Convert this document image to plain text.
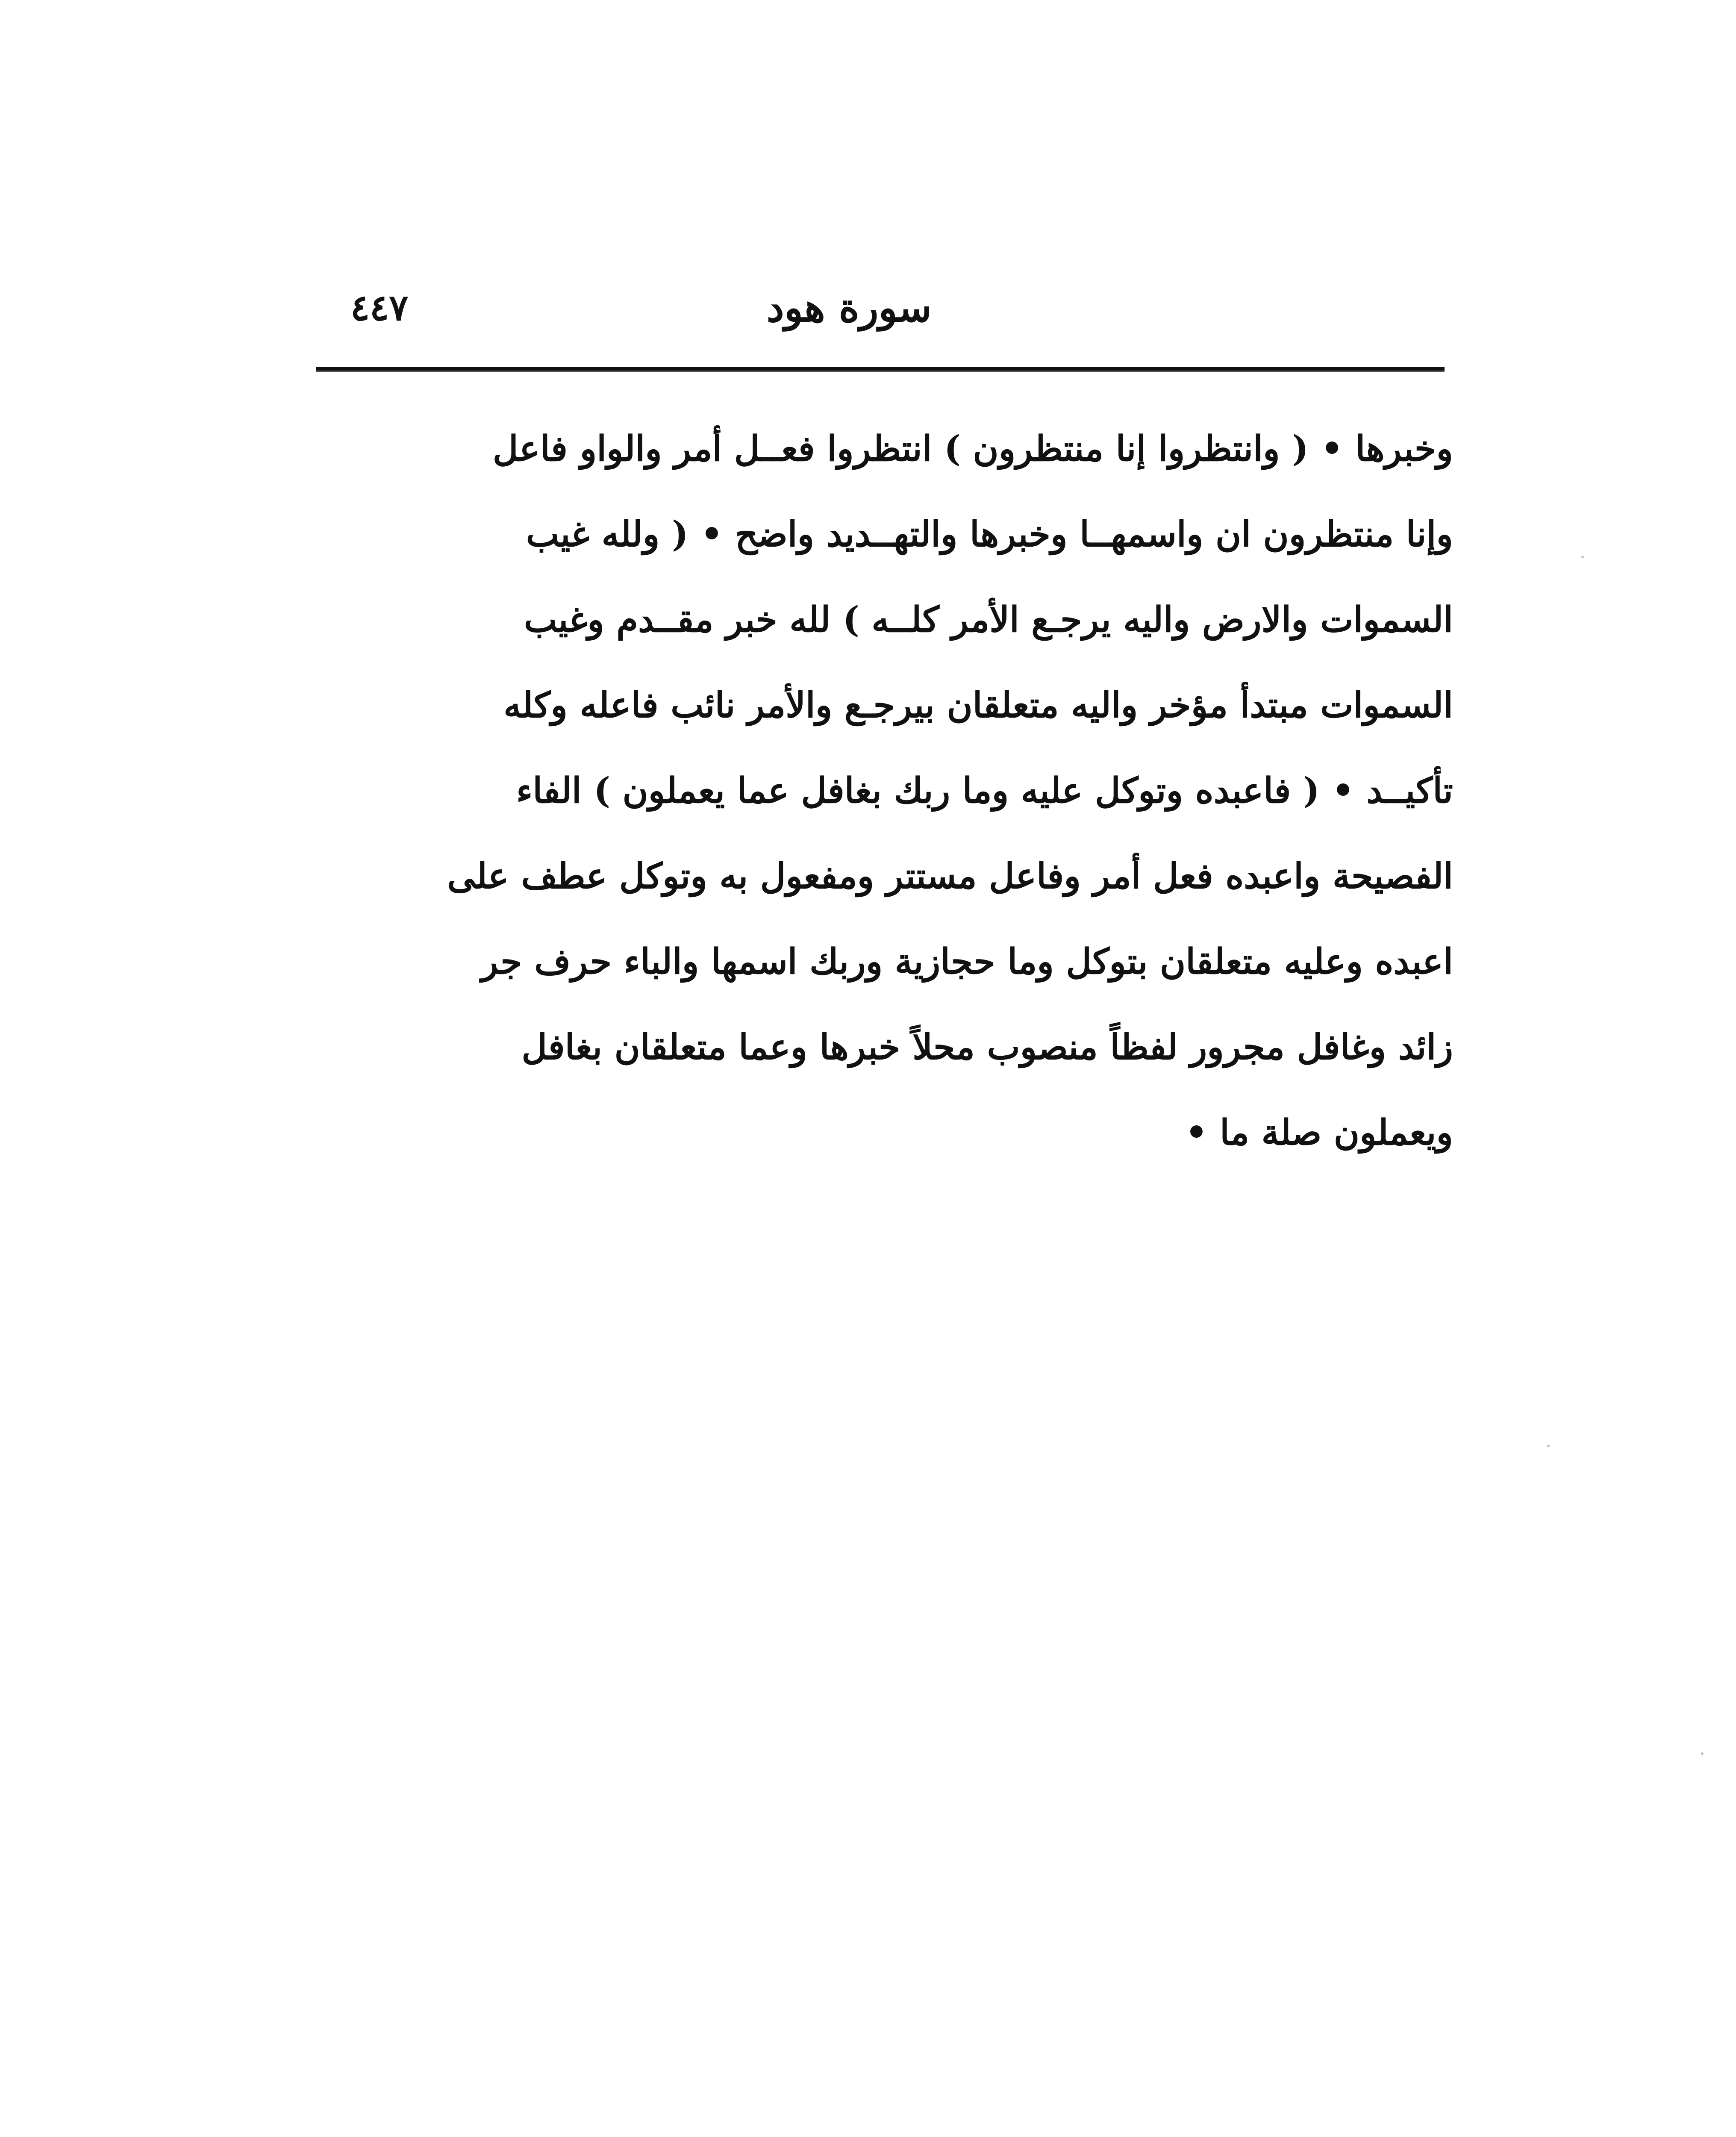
سورة هود
٤٤٧
وخبرها • ( وانتظروا إنا منتظرون ) انتظروا فعــل أمر والواو فاعل
وإنا منتظرون ان واسمهــا وخبرها والتهــديد واضح • ( ولله غيب
السموات والارض واليه يرجـع الأمر كلــه ) لله خبر مقــدم وغيب
السموات مبتدأ مؤخر واليه متعلقان بيرجـع والأمر نائب فاعله وكله
تأكيــد • ( فاعبده وتوكل عليه وما ربك بغافل عما يعملون ) الفاء
الفصيحة واعبده فعل أمر وفاعل مستتر ومفعول به وتوكل عطف على
اعبده وعليه متعلقان بتوكل وما حجازية وربك اسمها والباء حرف جر
زائد وغافل مجرور لفظاً منصوب محلاً خبرها وعما متعلقان بغافل
ويعملون صلة ما •
